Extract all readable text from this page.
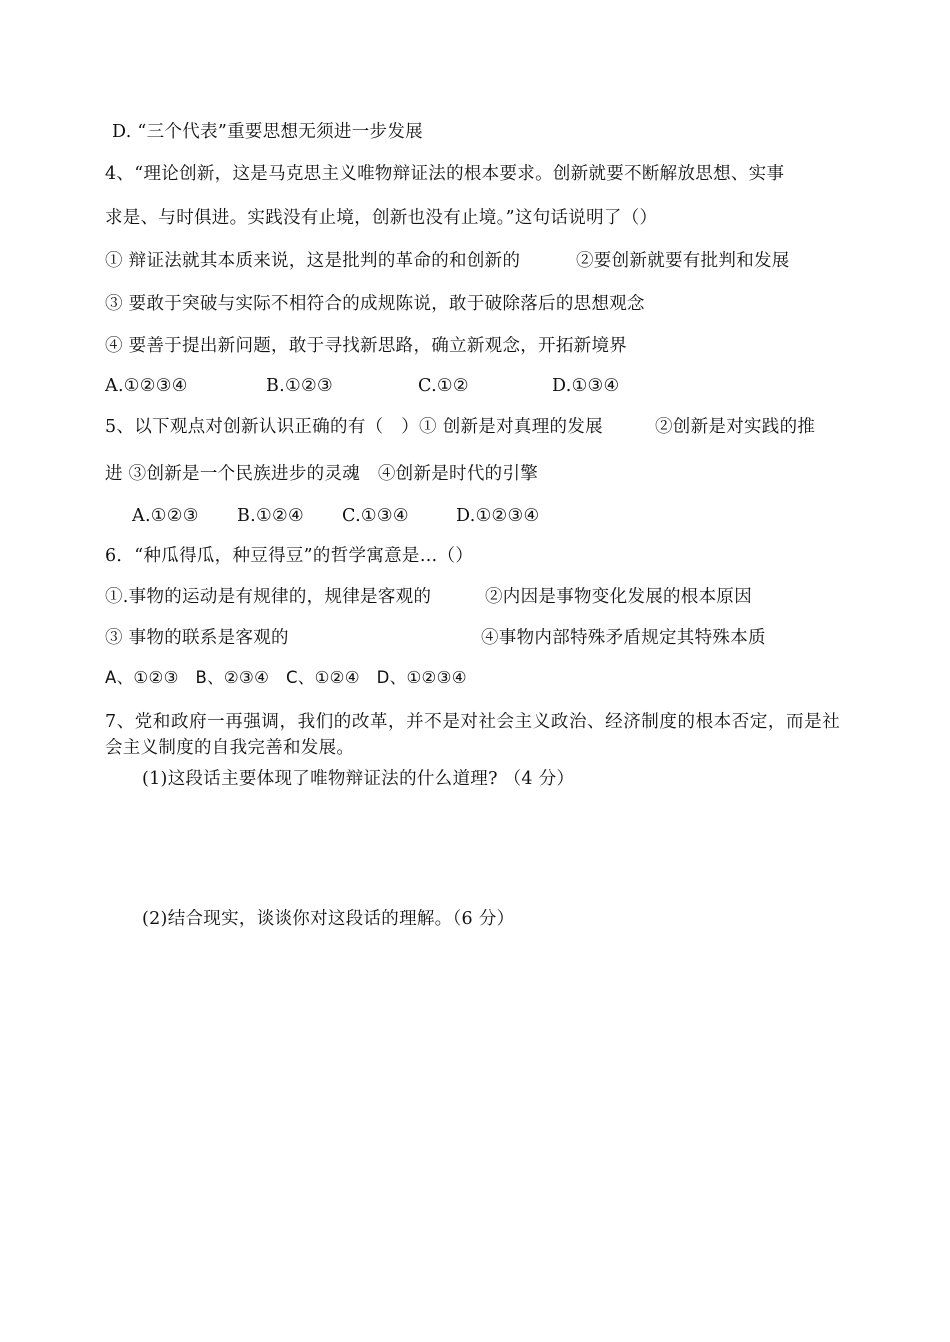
D. “三个代表”重要思想无须进一步发展
4、“理论创新，这是马克思主义唯物辩证法的根本要求。创新就要不断解放思想、实事
求是、与时俱进。实践没有止境，创新也没有止境。”这句话说明了（）
① 辩证法就其本质来说，这是批判的革命的和创新的	②要创新就要有批判和发展
③ 要敢于突破与实际不相符合的成规陈说，敢于破除落后的思想观念
④ 要善于提出新问题，敢于寻找新思路，确立新观念，开拓新境界
A.①②③④	B.①②③	C.①②	D.①③④
5、以下观点对创新认识正确的有（　）① 创新是对真理的发展	②创新是对实践的推
进 ③创新是一个民族进步的灵魂　④创新是时代的引擎
A.①②③ B.①②④ C.①③④	D.①②③④
6．“种瓜得瓜，种豆得豆”的哲学寓意是…（）
①.事物的运动是有规律的，规律是客观的	②内因是事物变化发展的根本原因
③ 事物的联系是客观的	④事物内部特殊矛盾规定其特殊本质
A、①②③　B、②③④　C、①②④　D、①②③④
7、党和政府一再强调，我们的改革，并不是对社会主义政治、经济制度的根本否定，而是社会主义制度的自我完善和发展。
(1)这段话主要体现了唯物辩证法的什么道理? （4 分）
(2)结合现实，谈谈你对这段话的理解。（6 分）
